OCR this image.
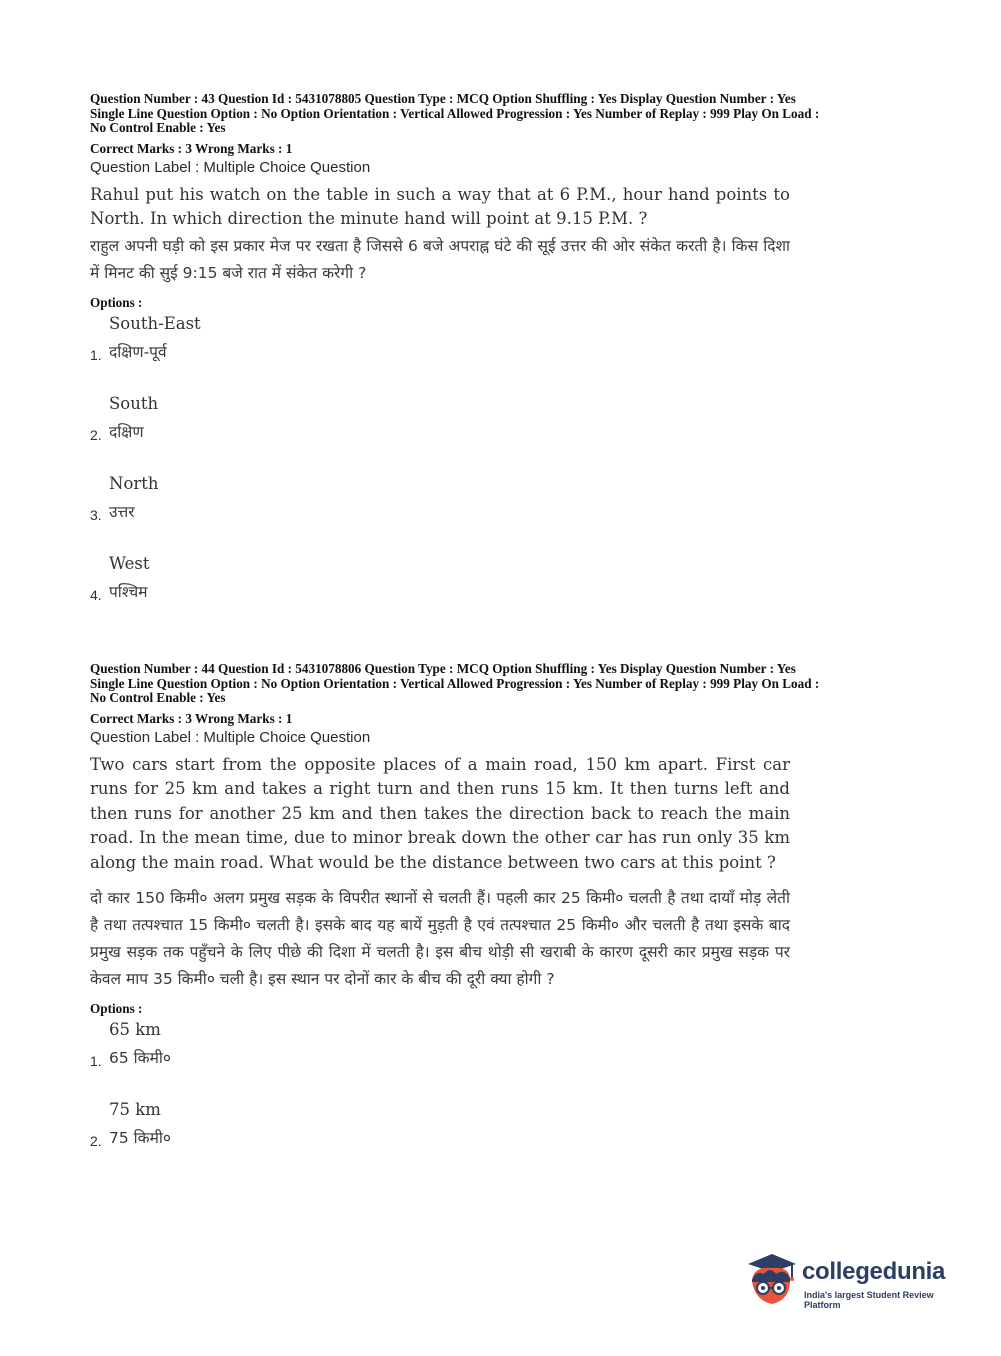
Question Number : 43 Question Id : 5431078805 Question Type : MCQ Option Shuffling : Yes Display Question Number : Yes
Single Line Question Option : No Option Orientation : Vertical Allowed Progression : Yes Number of Replay : 999 Play On Load :
No Control Enable : Yes
Correct Marks : 3 Wrong Marks : 1
Question Label : Multiple Choice Question
Rahul put his watch on the table in such a way that at 6 P.M., hour hand points to North. In which direction the minute hand will point at 9.15 P.M. ?
राहुल अपनी घड़ी को इस प्रकार मेज पर रखता है जिससे 6 बजे अपराह्न घंटे की सूई उत्तर की ओर संकेत करती है। किस दिशा में मिनट की सुई 9:15 बजे रात में संकेत करेगी ?
Options :
1.
South-East
दक्षिण-पूर्व
2.
South
दक्षिण
3.
North
उत्तर
4.
West
पश्चिम
Question Number : 44 Question Id : 5431078806 Question Type : MCQ Option Shuffling : Yes Display Question Number : Yes
Single Line Question Option : No Option Orientation : Vertical Allowed Progression : Yes Number of Replay : 999 Play On Load :
No Control Enable : Yes
Correct Marks : 3 Wrong Marks : 1
Question Label : Multiple Choice Question
Two cars start from the opposite places of a main road, 150 km apart. First car runs for 25 km and takes a right turn and then runs 15 km. It then turns left and then runs for another 25 km and then takes the direction back to reach the main road. In the mean time, due to minor break down the other car has run only 35 km along the main road. What would be the distance between two cars at this point ?
दो कार 150 किमी० अलग प्रमुख सड़क के विपरीत स्थानों से चलती हैं। पहली कार 25 किमी० चलती है तथा दायाँ मोड़ लेती है तथा तत्पश्चात 15 किमी० चलती है। इसके बाद यह बायें मुड़ती है एवं तत्पश्चात 25 किमी० और चलती है तथा इसके बाद प्रमुख सड़क तक पहुँचने के लिए पीछे की दिशा में चलती है। इस बीच थोड़ी सी खराबी के कारण दूसरी कार प्रमुख सड़क पर केवल माप 35 किमी० चली है। इस स्थान पर दोनों कार के बीच की दूरी क्या होगी ?
Options :
1.
65 km
65 किमी०
2.
75 km
75 किमी०
collegedunia
India's largest Student Review Platform
